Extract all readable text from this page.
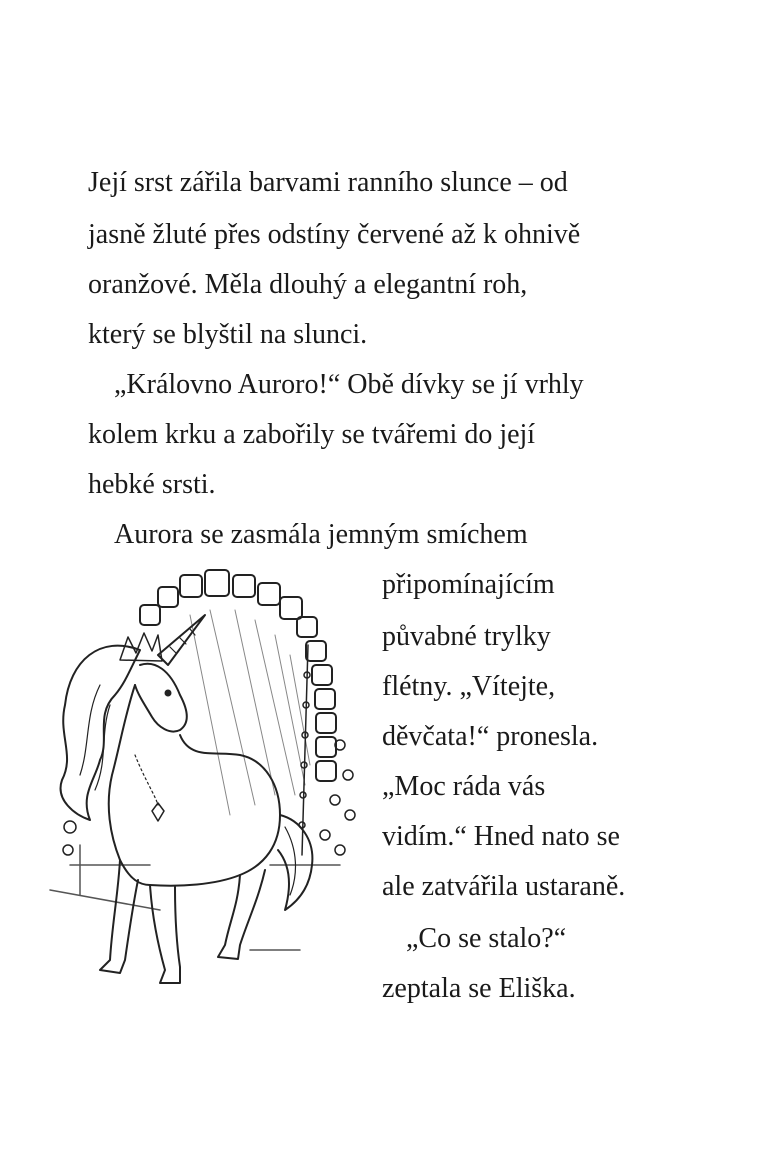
Její srst zářila barvami ranního slunce – od
jasně žluté přes odstíny červené až k ohnivě
oranžové. Měla dlouhý a elegantní roh,
který se blyštil na slunci.
„Královno Auroro!“ Obě dívky se jí vrhly
kolem krku a zabořily se tvářemi do její
hebké srsti.
Aurora se zasmála jemným smíchem
připomínajícím
půvabné trylky
flétny. „Vítejte,
děvčata!“ pronesla.
„Moc ráda vás
vidím.“ Hned nato se
ale zatvářila ustaraně.
„Co se stalo?“
zeptala se Eliška.
